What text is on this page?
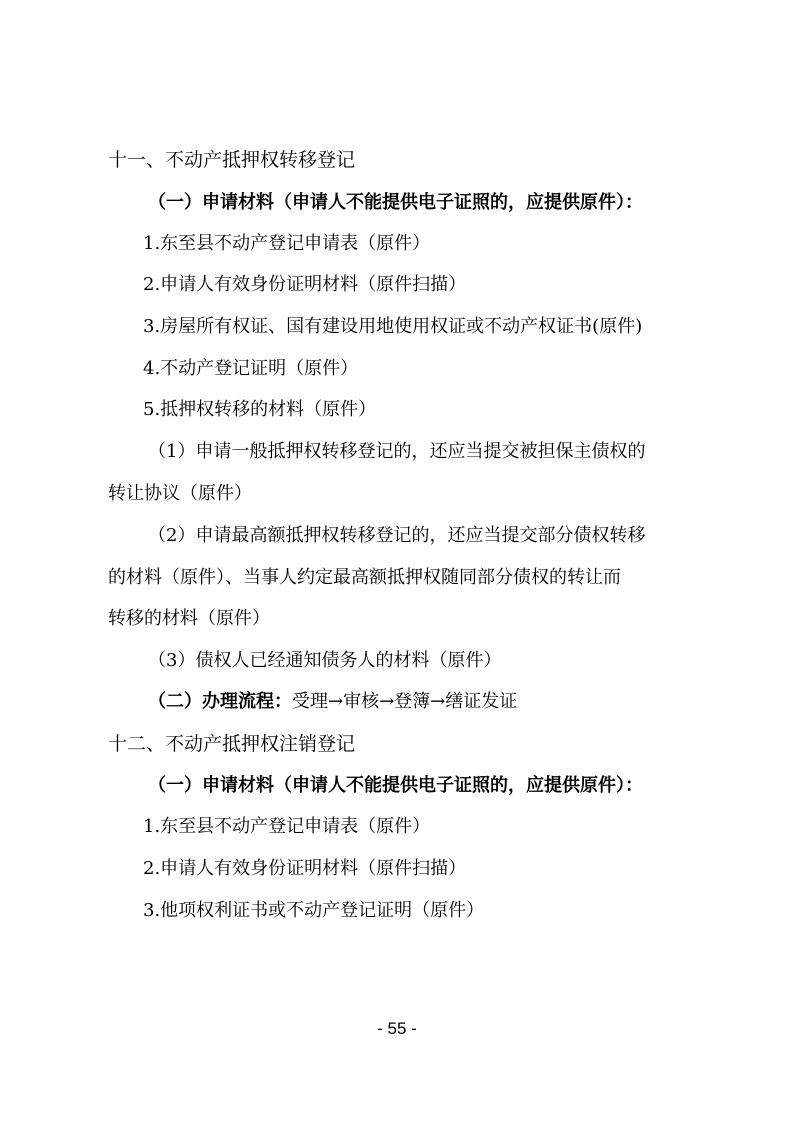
十一、不动产抵押权转移登记
（一）申请材料（申请人不能提供电子证照的，应提供原件）：
1.东至县不动产登记申请表（原件）
2.申请人有效身份证明材料（原件扫描）
3.房屋所有权证、国有建设用地使用权证或不动产权证书(原件)
4.不动产登记证明（原件）
5.抵押权转移的材料（原件）
（1）申请一般抵押权转移登记的，还应当提交被担保主债权的
转让协议（原件）
（2）申请最高额抵押权转移登记的，还应当提交部分债权转移
的材料（原件）、当事人约定最高额抵押权随同部分债权的转让而
转移的材料（原件）
（3）债权人已经通知债务人的材料（原件）
（二）办理流程：受理→审核→登簿→缮证发证
十二、不动产抵押权注销登记
（一）申请材料（申请人不能提供电子证照的，应提供原件）：
1.东至县不动产登记申请表（原件）
2.申请人有效身份证明材料（原件扫描）
3.他项权利证书或不动产登记证明（原件）
- 55 -
